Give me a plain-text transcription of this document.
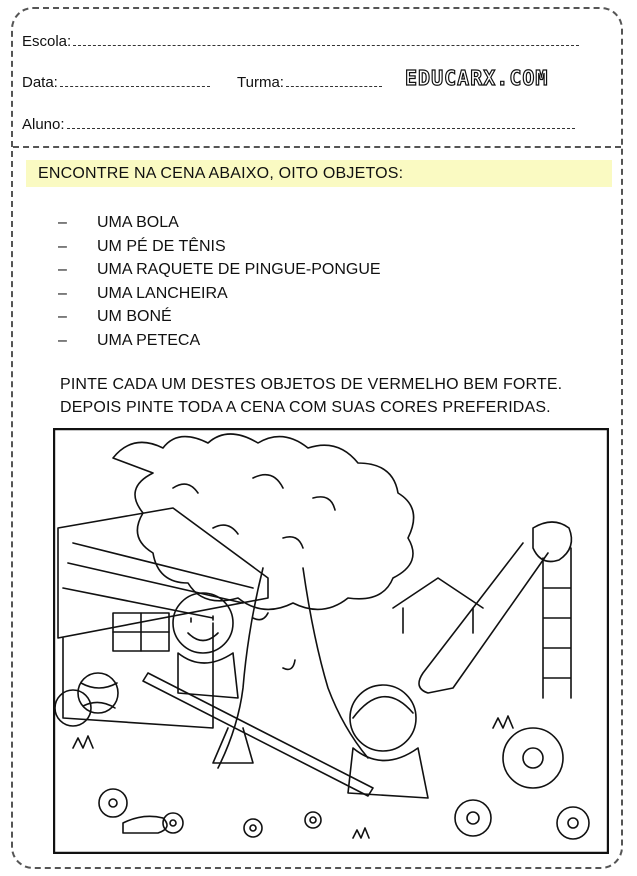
Escola:
Data:	Turma:
Aluno:
EDUCARX.COM
ENCONTRE NA CENA ABAIXO, OITO OBJETOS:
–	UMA BOLA
–	UM PÉ DE TÊNIS
–	UMA RAQUETE DE PINGUE-PONGUE
–	UMA LANCHEIRA
–	UM BONÉ
–	UMA PETECA
PINTE CADA UM DESTES OBJETOS DE VERMELHO BEM FORTE.
DEPOIS PINTE TODA A CENA COM SUAS CORES PREFERIDAS.
